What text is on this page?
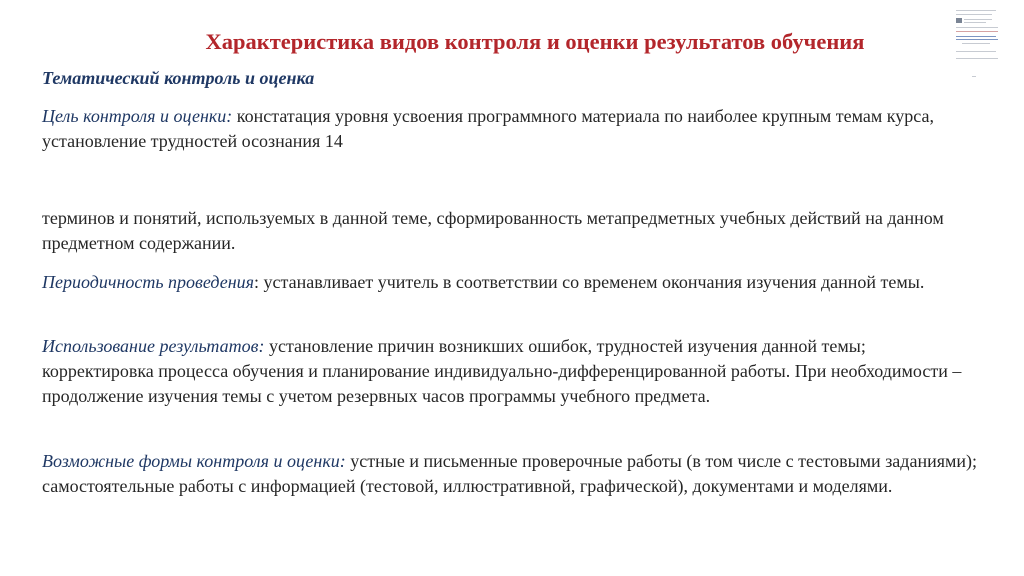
Характеристика видов контроля и оценки результатов обучения
Тематический контроль и оценка
Цель контроля и оценки: констатация уровня усвоения программного материала по наиболее крупным темам курса, установление трудностей осознания 14
терминов и понятий, используемых в данной теме, сформированность метапредметных учебных действий на данном предметном содержании.
Периодичность проведения: устанавливает учитель в соответствии со временем окончания изучения данной темы.
Использование результатов: установление причин возникших ошибок, трудностей изучения данной темы; корректировка процесса обучения и планирование индивидуально-дифференцированной работы. При необходимости – продолжение изучения темы с учетом резервных часов программы учебного предмета.
Возможные формы контроля и оценки: устные и письменные проверочные работы (в том числе с тестовыми заданиями); самостоятельные работы с информацией (тестовой, иллюстративной, графической), документами и моделями.
